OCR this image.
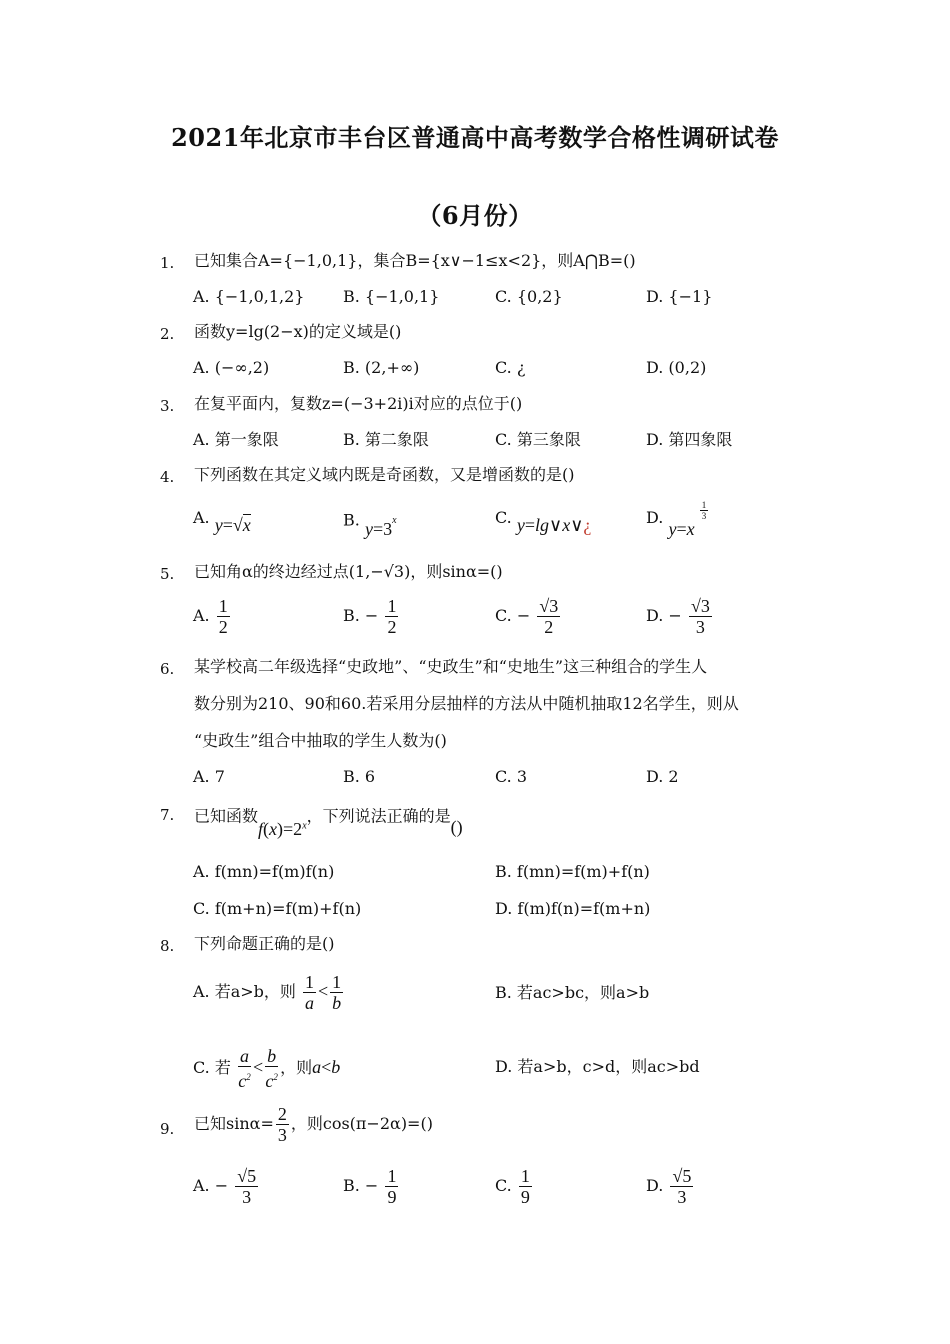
2021年北京市丰台区普通高中高考数学合格性调研试卷
（6月份）
1. 已知集合A={−1,0,1}，集合B={x∨−1≤x<2}，则A⋂B=()
A. {−1,0,1,2} B. {−1,0,1}	C. {0,2}	D. {−1}
2. 函数y=lg(2−x)的定义域是()
A. (−∞,2)	B. (2,+∞)	C. ¿	D. (0,2)
3. 在复平面内，复数z=(−3+2i)i对应的点位于()
A. 第一象限	B. 第二象限	C. 第三象限	D. 第四象限
4. 下列函数在其定义域内既是奇函数，又是增函数的是()
A. y=√x	B. $y=3^x$	C. y=lg∨x∨¿	D. y=x
$\frac{1}{3}$
5. 已知角α的终边经过点(1,−√3)，则sinα=()
A. $\frac{1}{2}$	B. − $\frac{1}{2}$	C. − $\frac{√3}{2}$	D. − $\frac{√3}{3}$
6. 某学校高二年级选择“史政地”、“史政生”和“史地生”这三种组合的学生人
数分别为210、90和60.若采用分层抽样的方法从中随机抽取12名学生，则从
“史政生”组合中抽取的学生人数为()
A. 7	B. 6	C. 3	D. 2
7. 已知函数$f(x)=2^x$，下列说法正确的是()
A. f(mn)=f(m)f(n)	B. f(mn)=f(m)+f(n)
C. f(m+n)=f(m)+f(n)	D. f(m)f(n)=f(m+n)
8. 下列命题正确的是()
A. 若a>b，则 $\frac{1}{a} < \frac{1}{b}$	B. 若ac>bc，则a>b
C. 若 $\frac{a}{c^2} < \frac{b}{c^2}$ ，则a<b	D. 若a>b，c>d，则ac>bd
9. 已知$\sin\alpha= \frac{2}{3}$ ，则cos(π−2α)=()
A. − $\frac{√5}{3}$	B. − $\frac{1}{9}$	C. $\frac{1}{9}$	D. $\frac{√5}{3}$
